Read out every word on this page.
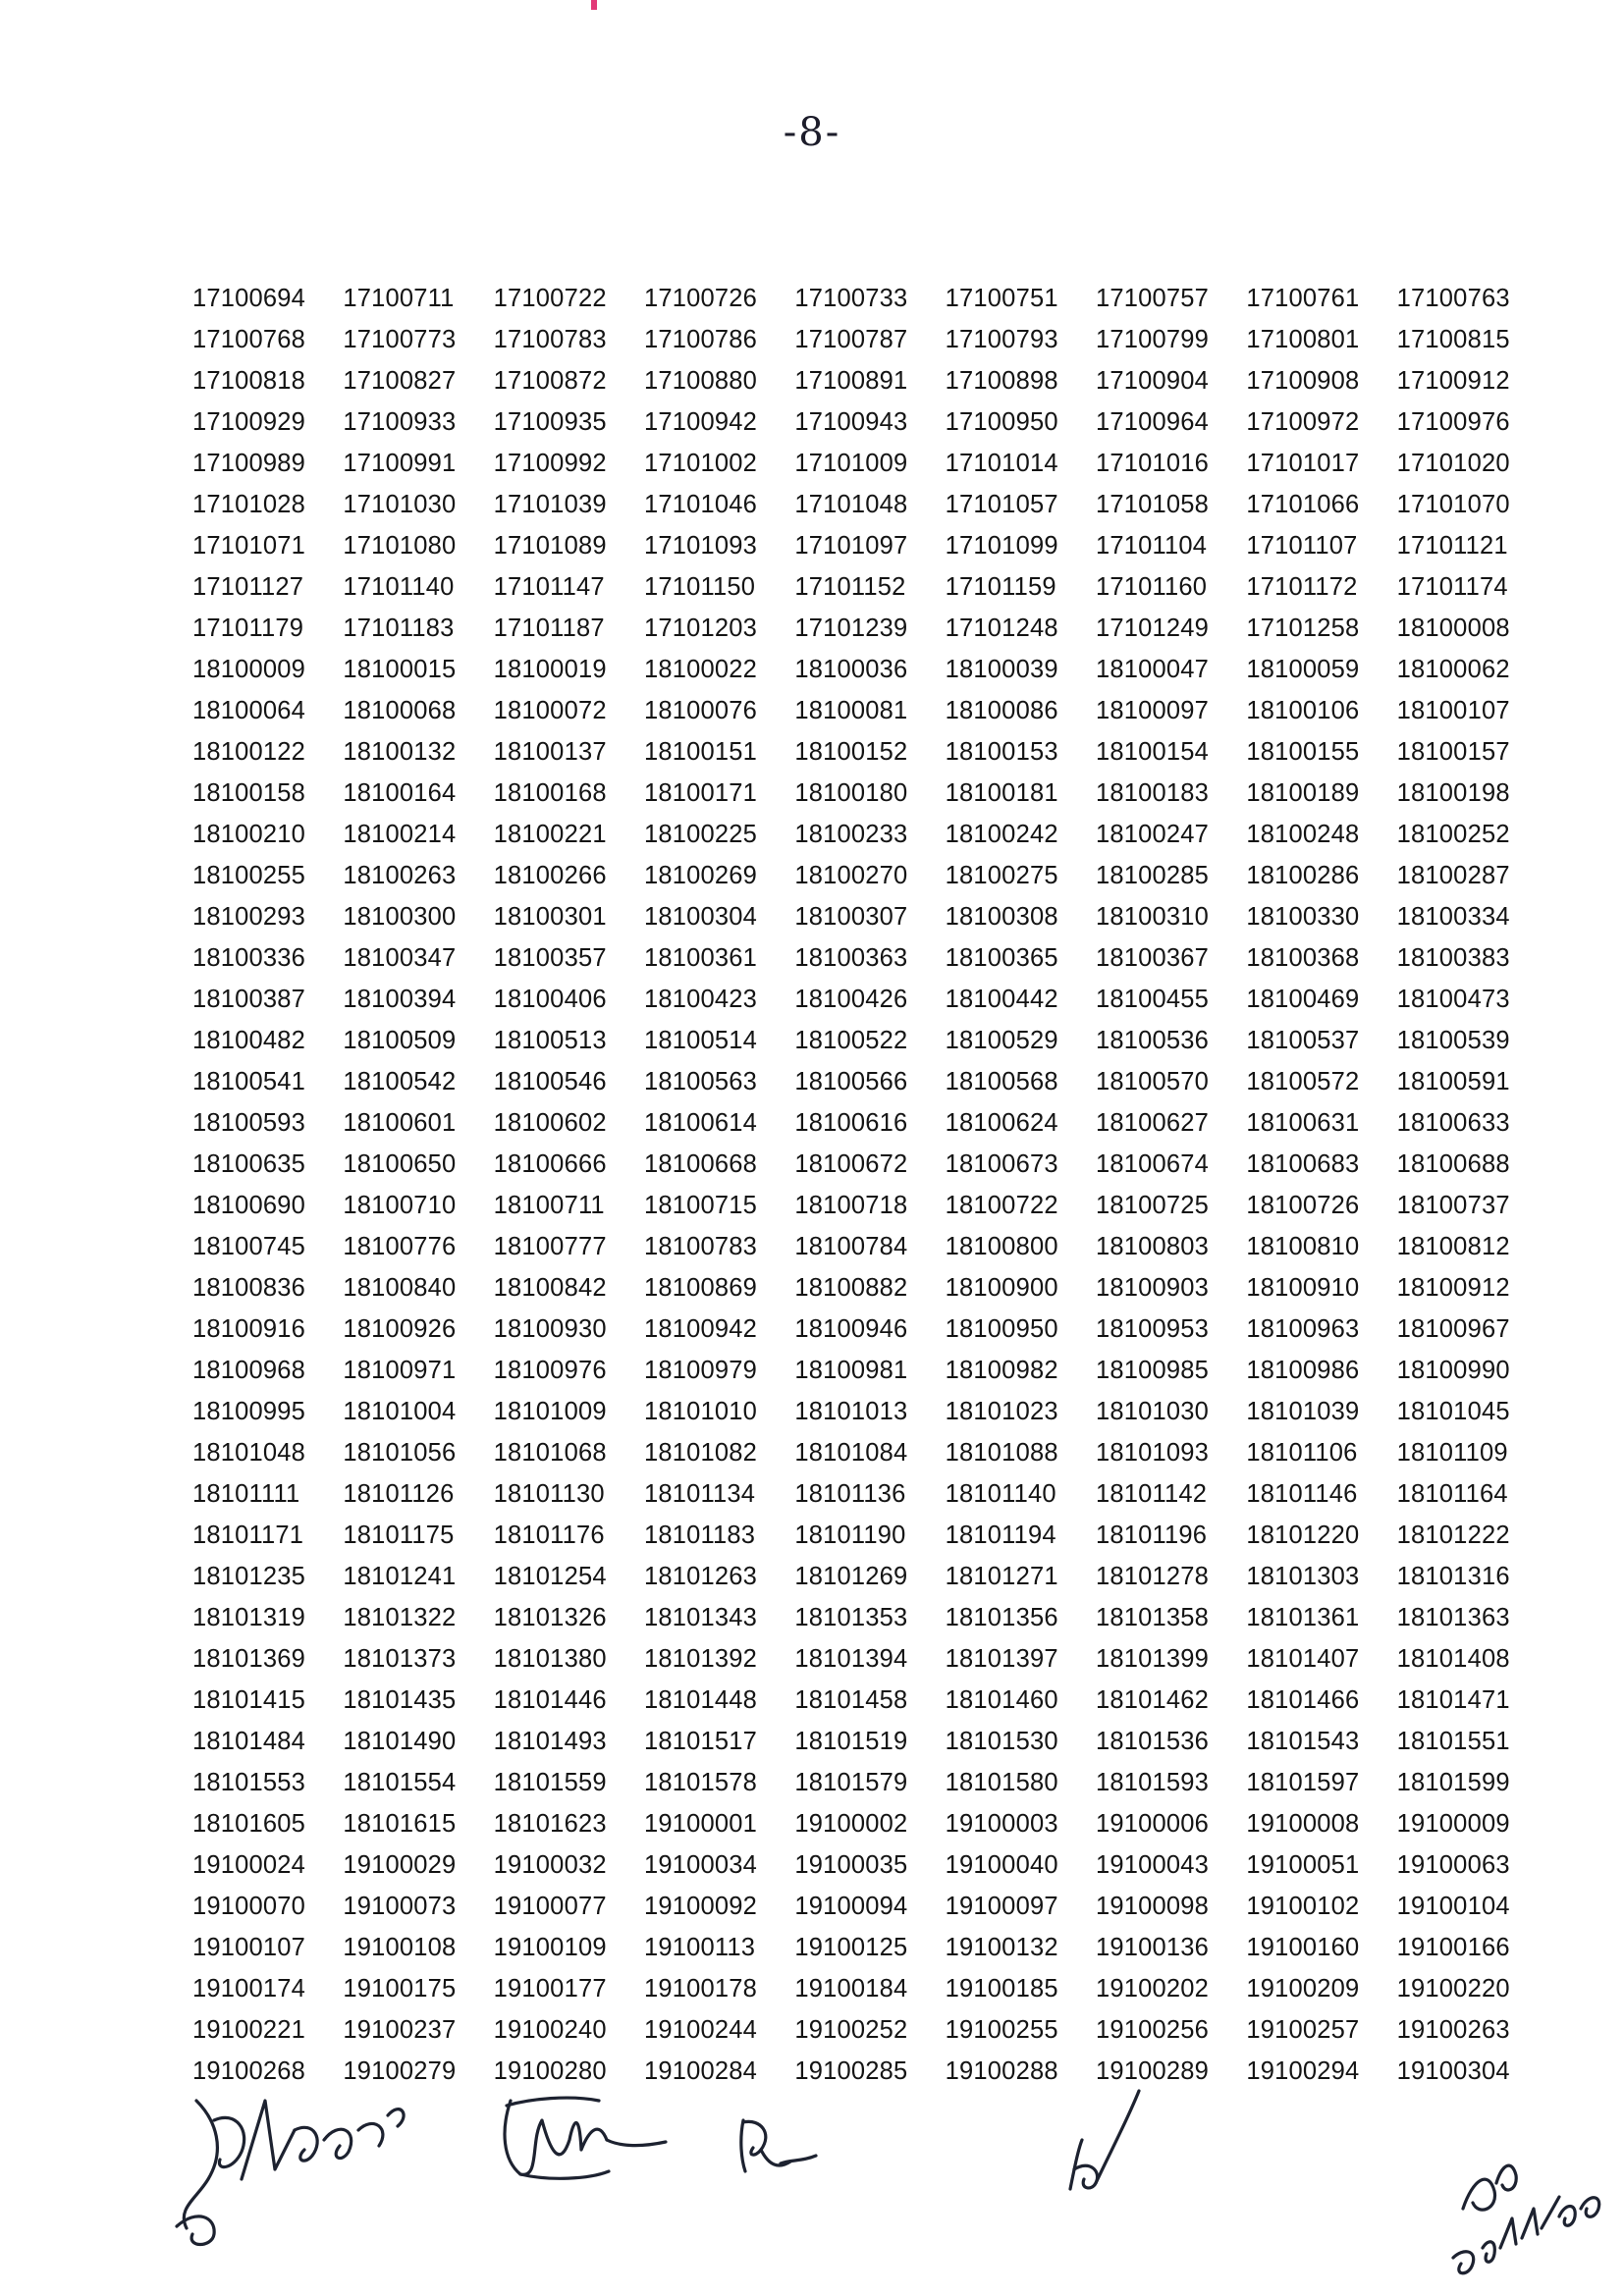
-8-
17100694	17100711	17100722	17100726	17100733	17100751	17100757	17100761	17100763
17100768	17100773	17100783	17100786	17100787	17100793	17100799	17100801	17100815
17100818	17100827	17100872	17100880	17100891	17100898	17100904	17100908	17100912
17100929	17100933	17100935	17100942	17100943	17100950	17100964	17100972	17100976
17100989	17100991	17100992	17101002	17101009	17101014	17101016	17101017	17101020
17101028	17101030	17101039	17101046	17101048	17101057	17101058	17101066	17101070
17101071	17101080	17101089	17101093	17101097	17101099	17101104	17101107	17101121
17101127	17101140	17101147	17101150	17101152	17101159	17101160	17101172	17101174
17101179	17101183	17101187	17101203	17101239	17101248	17101249	17101258	18100008
18100009	18100015	18100019	18100022	18100036	18100039	18100047	18100059	18100062
18100064	18100068	18100072	18100076	18100081	18100086	18100097	18100106	18100107
18100122	18100132	18100137	18100151	18100152	18100153	18100154	18100155	18100157
18100158	18100164	18100168	18100171	18100180	18100181	18100183	18100189	18100198
18100210	18100214	18100221	18100225	18100233	18100242	18100247	18100248	18100252
18100255	18100263	18100266	18100269	18100270	18100275	18100285	18100286	18100287
18100293	18100300	18100301	18100304	18100307	18100308	18100310	18100330	18100334
18100336	18100347	18100357	18100361	18100363	18100365	18100367	18100368	18100383
18100387	18100394	18100406	18100423	18100426	18100442	18100455	18100469	18100473
18100482	18100509	18100513	18100514	18100522	18100529	18100536	18100537	18100539
18100541	18100542	18100546	18100563	18100566	18100568	18100570	18100572	18100591
18100593	18100601	18100602	18100614	18100616	18100624	18100627	18100631	18100633
18100635	18100650	18100666	18100668	18100672	18100673	18100674	18100683	18100688
18100690	18100710	18100711	18100715	18100718	18100722	18100725	18100726	18100737
18100745	18100776	18100777	18100783	18100784	18100800	18100803	18100810	18100812
18100836	18100840	18100842	18100869	18100882	18100900	18100903	18100910	18100912
18100916	18100926	18100930	18100942	18100946	18100950	18100953	18100963	18100967
18100968	18100971	18100976	18100979	18100981	18100982	18100985	18100986	18100990
18100995	18101004	18101009	18101010	18101013	18101023	18101030	18101039	18101045
18101048	18101056	18101068	18101082	18101084	18101088	18101093	18101106	18101109
18101111	18101126	18101130	18101134	18101136	18101140	18101142	18101146	18101164
18101171	18101175	18101176	18101183	18101190	18101194	18101196	18101220	18101222
18101235	18101241	18101254	18101263	18101269	18101271	18101278	18101303	18101316
18101319	18101322	18101326	18101343	18101353	18101356	18101358	18101361	18101363
18101369	18101373	18101380	18101392	18101394	18101397	18101399	18101407	18101408
18101415	18101435	18101446	18101448	18101458	18101460	18101462	18101466	18101471
18101484	18101490	18101493	18101517	18101519	18101530	18101536	18101543	18101551
18101553	18101554	18101559	18101578	18101579	18101580	18101593	18101597	18101599
18101605	18101615	18101623	19100001	19100002	19100003	19100006	19100008	19100009
19100024	19100029	19100032	19100034	19100035	19100040	19100043	19100051	19100063
19100070	19100073	19100077	19100092	19100094	19100097	19100098	19100102	19100104
19100107	19100108	19100109	19100113	19100125	19100132	19100136	19100160	19100166
19100174	19100175	19100177	19100178	19100184	19100185	19100202	19100209	19100220
19100221	19100237	19100240	19100244	19100252	19100255	19100256	19100257	19100263
19100268	19100279	19100280	19100284	19100285	19100288	19100289	19100294	19100304
